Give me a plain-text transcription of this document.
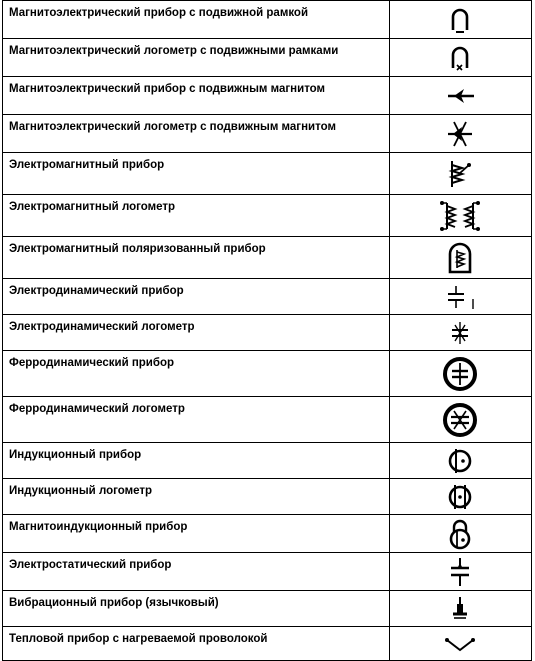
Магнитоэлектрический прибор с подвижной рамкой

Магнитоэлектрический логометр с подвижными рамками

Магнитоэлектрический прибор с подвижным магнитом

Магнитоэлектрический логометр с подвижным магнитом

Электромагнитный прибор

Электромагнитный логометр

Электромагнитный поляризованный прибор

Электродинамический прибор

Электродинамический логометр

Ферродинамический прибор

Ферродинамический логометр

Индукционный прибор

Индукционный логометр

Магнитоиндукционный прибор

Электростатический прибор

Вибрационный прибор (язычковый)

Тепловой прибор с нагреваемой проволокой
